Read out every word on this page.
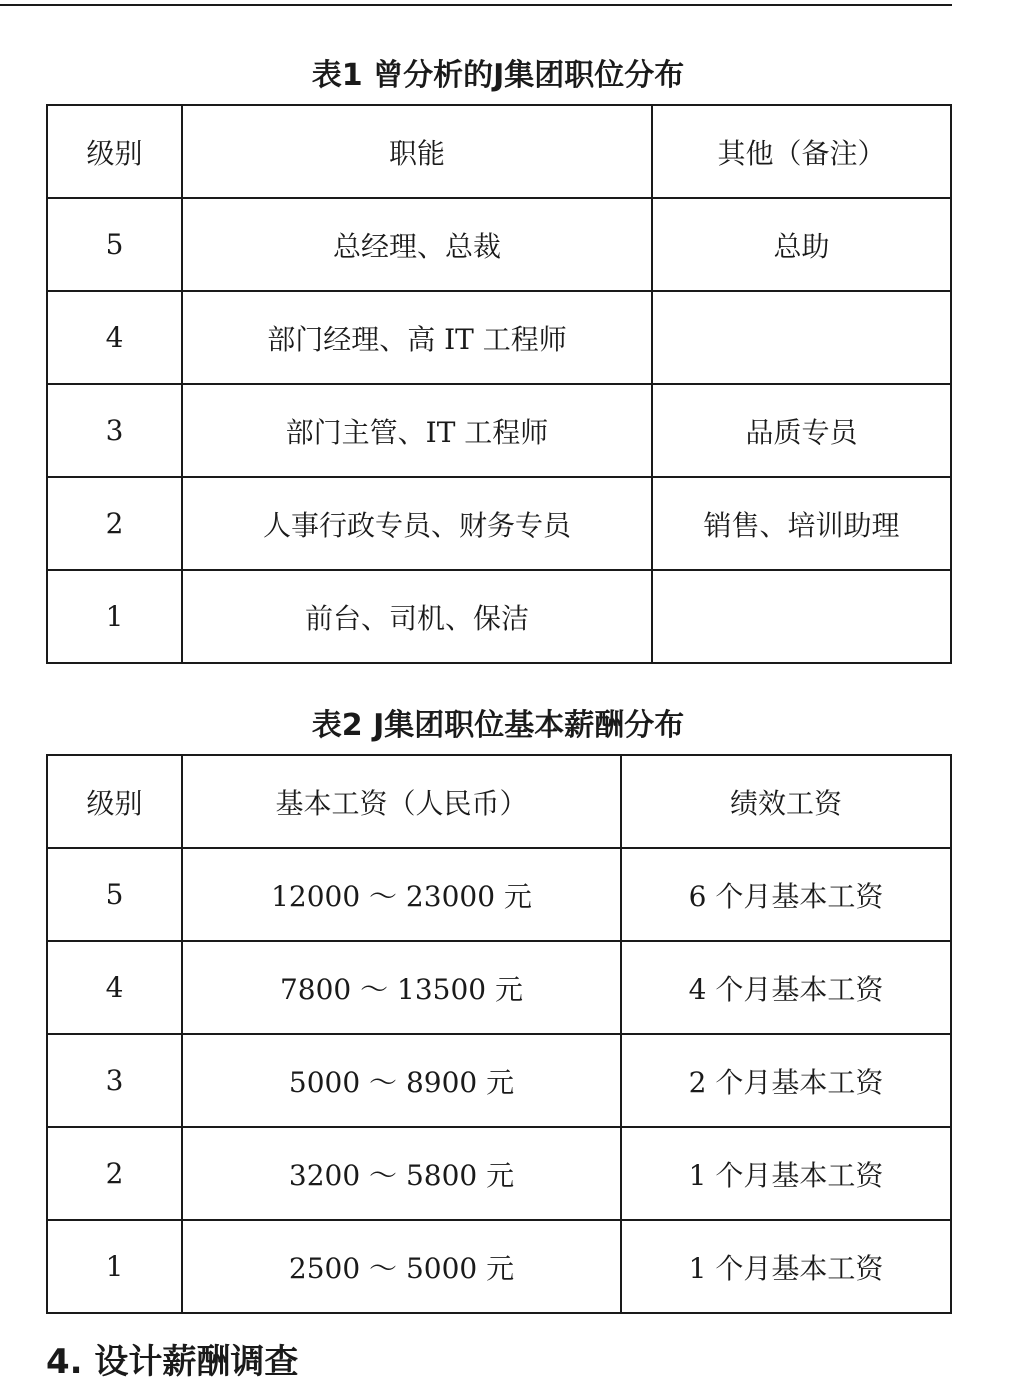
表1 曾分析的J集团职位分布
级别	职能	其他（备注）
5	总经理、总裁	总助
4	部门经理、高 IT 工程师	
3	部门主管、IT 工程师	品质专员
2	人事行政专员、财务专员	销售、培训助理
1	前台、司机、保洁	
表2 J集团职位基本薪酬分布
级别	基本工资（人民币）	绩效工资
5	12000 ～ 23000 元	6 个月基本工资
4	7800 ～ 13500 元	4 个月基本工资
3	5000 ～ 8900 元	2 个月基本工资
2	3200 ～ 5800 元	1 个月基本工资
1	2500 ～ 5000 元	1 个月基本工资
4. 设计薪酬调查
